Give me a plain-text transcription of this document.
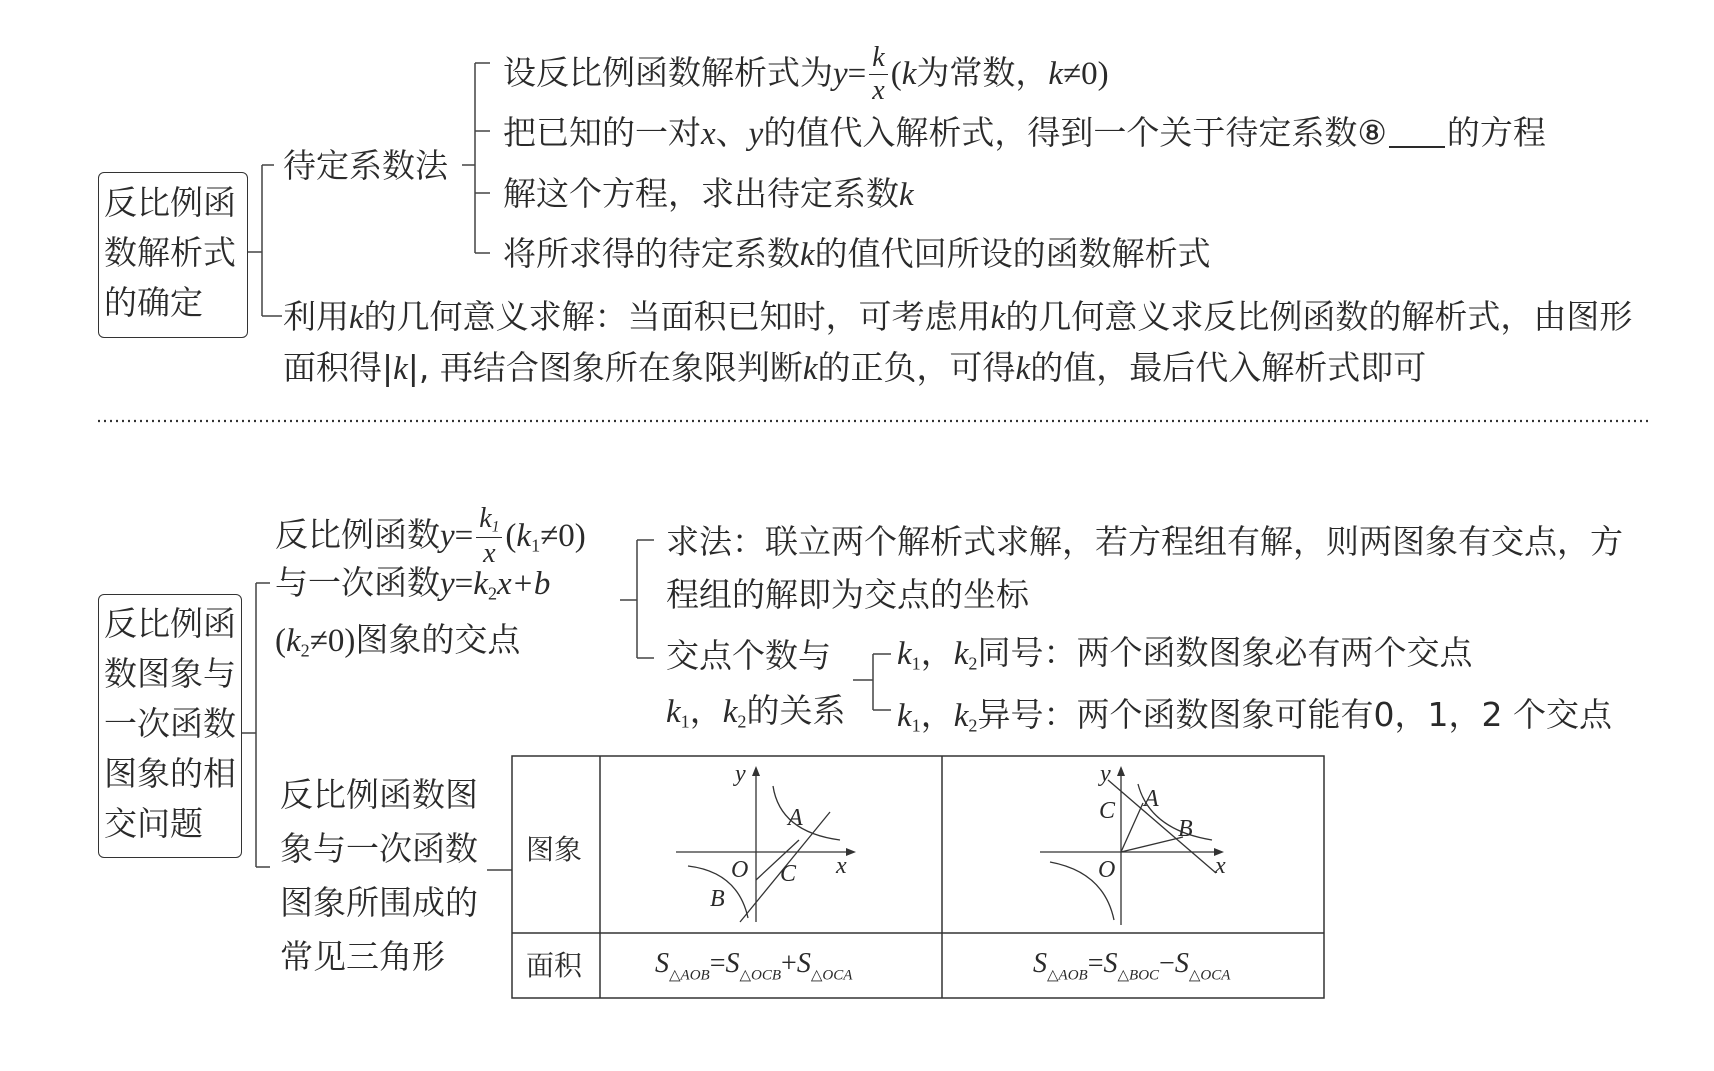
y
x
O
A
B
C
y
x
O
A
B
C
反比例函
数解析式
的确定
待定系数法
设反比例函数解析式为$y= \frac{k}{x} (k$为常数，k≠0)
把已知的一对x、y的值代入解析式，得到一个关于待定系数⑧ 的方程
解这个方程，求出待定系数k
将所求得的待定系数k的值代回所设的函数解析式
利用k的几何意义求解：当面积已知时，可考虑用k的几何意义求反比例函数的解析式，由图形
面积得|k|, 再结合图象所在象限判断k的正负，可得k的值，最后代入解析式即可
反比例函
数图象与
一次函数
图象的相
交问题
反比例函数$y= \frac{k_1}{x} (k_1\ne 0)$
与一次函数$y=k_2x+b$
$(k_2\ne 0)$图象的交点
求法：联立两个解析式求解，若方程组有解，则两图象有交点，方
程组的解即为交点的坐标
交点个数与
$k_1$，$k_2$的关系
$k_1$，$k_2$同号：两个函数图象必有两个交点
$k_1$，$k_2$异号：两个函数图象可能有0，1，2 个交点
反比例函数图
象与一次函数
图象所围成的
常见三角形
图象
面积	$S_{\triangle AOB}=S_{\triangle OCB}+S_{\triangle OCA}$	$S_{\triangle AOB}=S_{\triangle BOC}-S_{\triangle OCA}$
